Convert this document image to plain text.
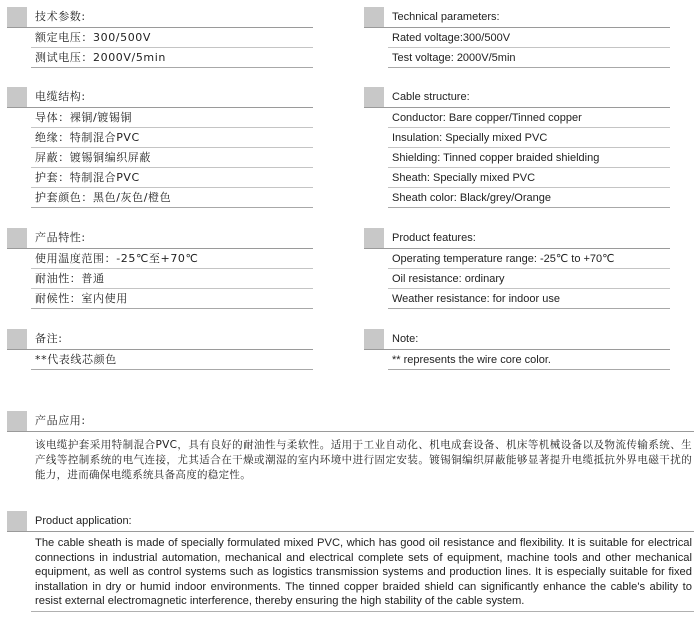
技术参数:
额定电压：300/500V
测试电压：2000V/5min
电缆结构:
导体：裸铜/镀锡铜
绝缘：特制混合PVC
屏蔽：镀锡铜编织屏蔽
护套：特制混合PVC
护套颜色：黑色/灰色/橙色
产品特性:
使用温度范围：-25℃至+70℃
耐油性：普通
耐候性：室内使用
备注:
**代表线芯颜色
Technical parameters:
Rated voltage:300/500V
Test voltage: 2000V/5min
Cable structure:
Conductor: Bare copper/Tinned copper
Insulation: Specially mixed PVC
Shielding: Tinned copper braided shielding
Sheath: Specially mixed PVC
Sheath color: Black/grey/Orange
Product features:
Operating temperature range: -25℃ to +70℃
Oil resistance: ordinary
Weather resistance: for indoor use
Note:
** represents the wire core color.
产品应用:
该电缆护套采用特制混合PVC，具有良好的耐油性与柔软性。适用于工业自动化、机电成套设备、机床等机械设备以及物流传输系统、生产线等控制系统的电气连接，尤其适合在干燥或潮湿的室内环境中进行固定安装。镀锡铜编织屏蔽能够显著提升电缆抵抗外界电磁干扰的能力，进而确保电缆系统具备高度的稳定性。
Product application:
The cable sheath is made of specially formulated mixed PVC, which has good oil resistance and flexibility. It is suitable for electrical connections in industrial automation, mechanical and electrical complete sets of equipment, machine tools and other mechanical equipment, as well as control systems such as logistics transmission systems and production lines. It is especially suitable for fixed installation in dry or humid indoor environments. The tinned copper braided shield can significantly enhance the cable's ability to resist external electromagnetic interference, thereby ensuring the high stability of the cable system.
